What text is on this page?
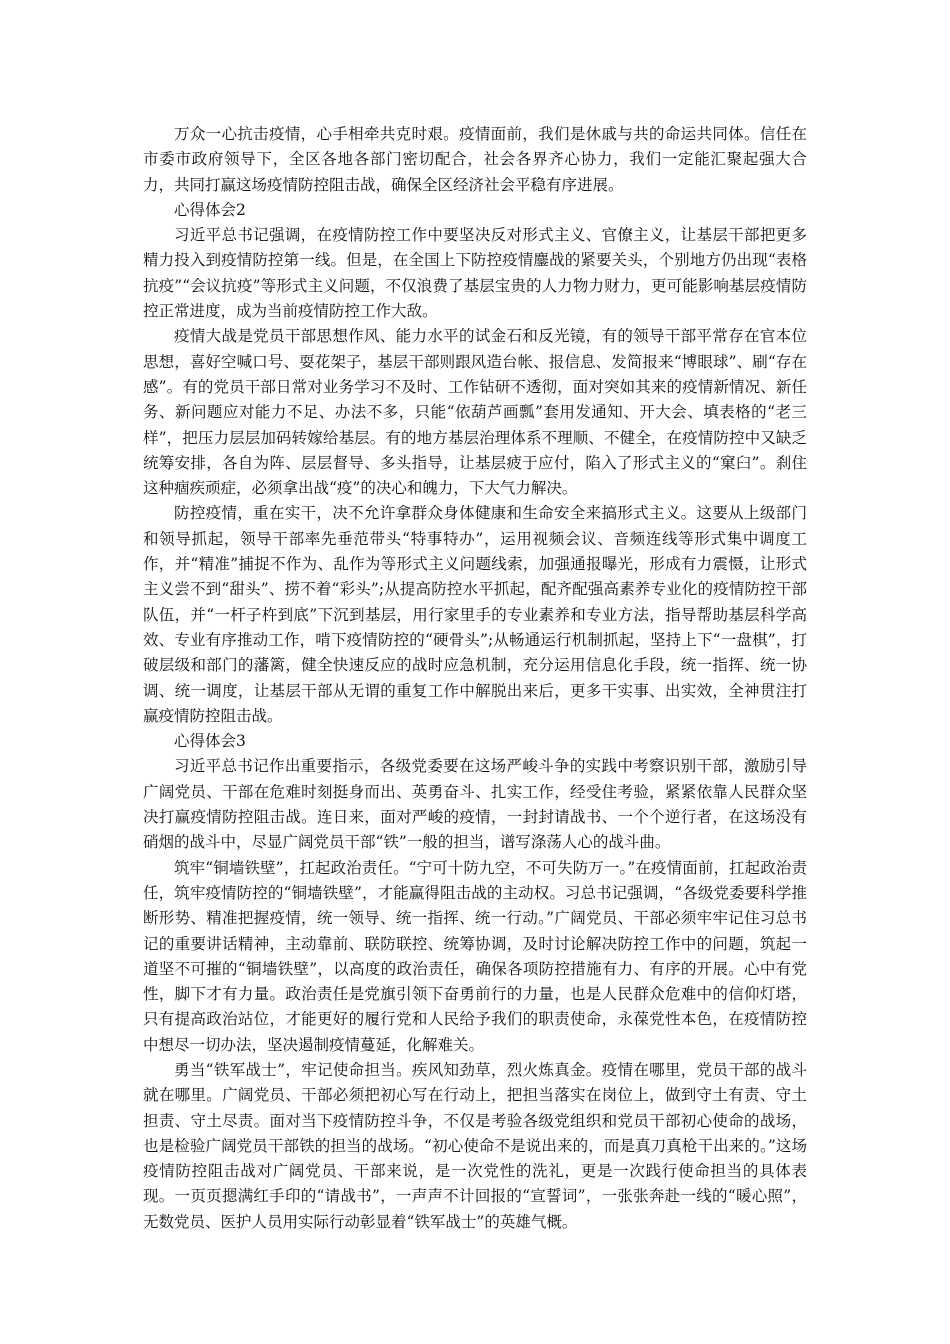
万众一心抗击疫情，心手相牵共克时艰。疫情面前，我们是休戚与共的命运共同体。信任在市委市政府领导下，全区各地各部门密切配合，社会各界齐心协力，我们一定能汇聚起强大合力，共同打赢这场疫情防控阻击战，确保全区经济社会平稳有序进展。

心得体会2

习近平总书记强调，在疫情防控工作中要坚决反对形式主义、官僚主义，让基层干部把更多精力投入到疫情防控第一线。但是，在全国上下防控疫情鏖战的紧要关头，个别地方仍出现“表格抗疫”“会议抗疫”等形式主义问题，不仅浪费了基层宝贵的人力物力财力，更可能影响基层疫情防控正常进度，成为当前疫情防控工作大敌。

疫情大战是党员干部思想作风、能力水平的试金石和反光镜，有的领导干部平常存在官本位思想，喜好空喊口号、耍花架子，基层干部则跟风造台帐、报信息、发简报来“博眼球”、刷“存在感”。有的党员干部日常对业务学习不及时、工作钻研不透彻，面对突如其来的疫情新情况、新任务、新问题应对能力不足、办法不多，只能“依葫芦画瓢”套用发通知、开大会、填表格的“老三样”，把压力层层加码转嫁给基层。有的地方基层治理体系不理顺、不健全，在疫情防控中又缺乏统筹安排，各自为阵、层层督导、多头指导，让基层疲于应付，陷入了形式主义的“窠臼”。刹住这种痼疾顽症，必须拿出战“疫”的决心和魄力，下大气力解决。

防控疫情，重在实干，决不允许拿群众身体健康和生命安全来搞形式主义。这要从上级部门和领导抓起，领导干部率先垂范带头“特事特办”，运用视频会议、音频连线等形式集中调度工作，并“精准”捕捉不作为、乱作为等形式主义问题线索，加强通报曝光，形成有力震慑，让形式主义尝不到“甜头”、捞不着“彩头”;从提高防控水平抓起，配齐配强高素养专业化的疫情防控干部队伍，并“一杆子杵到底”下沉到基层，用行家里手的专业素养和专业方法，指导帮助基层科学高效、专业有序推动工作，啃下疫情防控的“硬骨头”;从畅通运行机制抓起，坚持上下“一盘棋”，打破层级和部门的藩篱，健全快速反应的战时应急机制，充分运用信息化手段，统一指挥、统一协调、统一调度，让基层干部从无谓的重复工作中解脱出来后，更多干实事、出实效，全神贯注打赢疫情防控阻击战。

心得体会3

习近平总书记作出重要指示，各级党委要在这场严峻斗争的实践中考察识别干部，激励引导广阔党员、干部在危难时刻挺身而出、英勇奋斗、扎实工作，经受住考验，紧紧依靠人民群众坚决打赢疫情防控阻击战。连日来，面对严峻的疫情，一封封请战书、一个个逆行者，在这场没有硝烟的战斗中，尽显广阔党员干部“铁”一般的担当，谱写涤荡人心的战斗曲。

筑牢“铜墙铁壁”，扛起政治责任。“宁可十防九空，不可失防万一。”在疫情面前，扛起政治责任，筑牢疫情防控的“铜墙铁壁”，才能赢得阻击战的主动权。习总书记强调，“各级党委要科学推断形势、精准把握疫情，统一领导、统一指挥、统一行动。”广阔党员、干部必须牢牢记住习总书记的重要讲话精神，主动靠前、联防联控、统筹协调，及时讨论解决防控工作中的问题，筑起一道坚不可摧的“铜墙铁壁”，以高度的政治责任，确保各项防控措施有力、有序的开展。心中有党性，脚下才有力量。政治责任是党旗引领下奋勇前行的力量，也是人民群众危难中的信仰灯塔，只有提高政治站位，才能更好的履行党和人民给予我们的职责使命，永葆党性本色，在疫情防控中想尽一切办法，坚决遏制疫情蔓延，化解难关。

勇当“铁军战士”，牢记使命担当。疾风知劲草，烈火炼真金。疫情在哪里，党员干部的战斗就在哪里。广阔党员、干部必须把初心写在行动上，把担当落实在岗位上，做到守土有责、守土担责、守土尽责。面对当下疫情防控斗争，不仅是考验各级党组织和党员干部初心使命的战场，也是检验广阔党员干部铁的担当的战场。“初心使命不是说出来的，而是真刀真枪干出来的。”这场疫情防控阻击战对广阔党员、干部来说，是一次党性的洗礼，更是一次践行使命担当的具体表现。一页页摁满红手印的“请战书”，一声声不计回报的“宣誓词”，一张张奔赴一线的“暖心照”，无数党员、医护人员用实际行动彰显着“铁军战士”的英雄气概。
